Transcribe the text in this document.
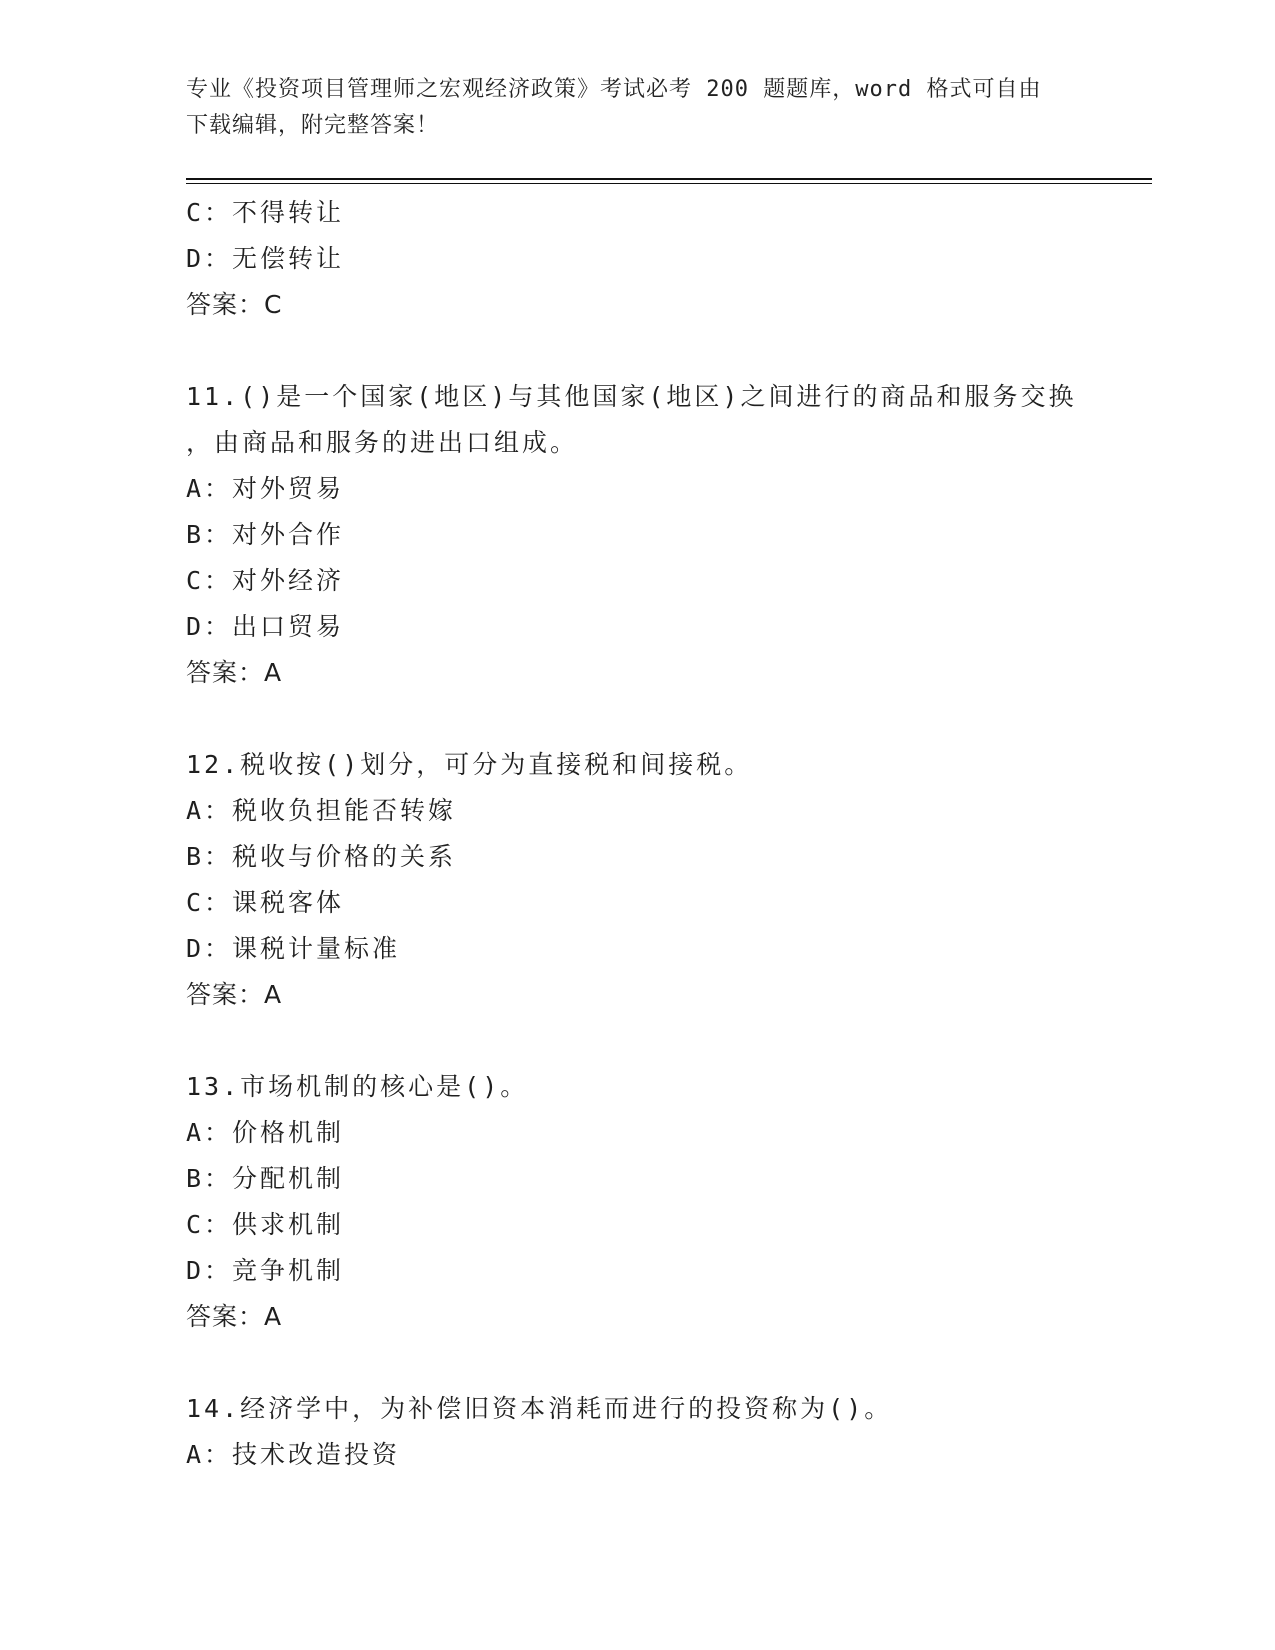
专业《投资项目管理师之宏观经济政策》考试必考 200 题题库，word 格式可自由
下载编辑，附完整答案！
C：不得转让
D：无偿转让
答案：C
11.()是一个国家(地区)与其他国家(地区)之间进行的商品和服务交换
，由商品和服务的进出口组成。
A：对外贸易
B：对外合作
C：对外经济
D：出口贸易
答案：A
12.税收按()划分，可分为直接税和间接税。
A：税收负担能否转嫁
B：税收与价格的关系
C：课税客体
D：课税计量标准
答案：A
13.市场机制的核心是()。
A：价格机制
B：分配机制
C：供求机制
D：竞争机制
答案：A
14.经济学中，为补偿旧资本消耗而进行的投资称为()。
A：技术改造投资
